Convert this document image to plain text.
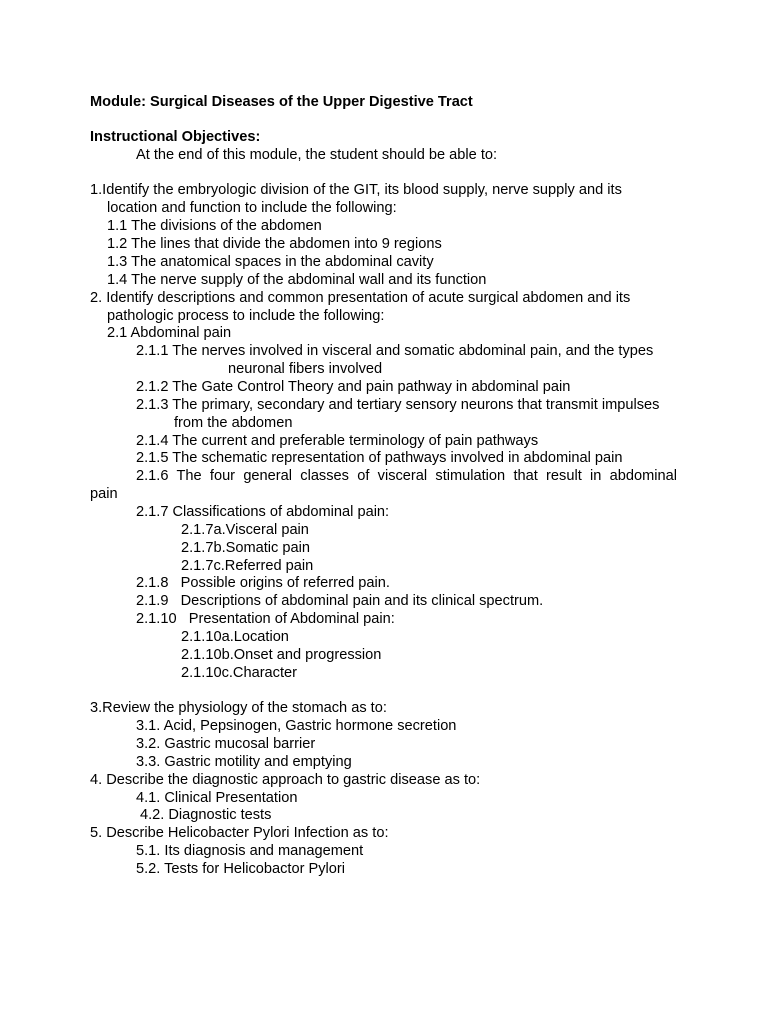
Module: Surgical Diseases of the Upper Digestive Tract
Instructional Objectives:
At the end of this module, the student should be able to:
1.Identify the embryologic division of the GIT, its blood supply, nerve supply and its
location and function to include the following:
1.1 The divisions of the abdomen
1.2 The lines that divide the abdomen into 9 regions
1.3 The anatomical spaces in the abdominal cavity
1.4 The nerve supply of the abdominal wall and its function
2. Identify descriptions and common presentation of acute surgical abdomen and its
pathologic process to include the following:
2.1 Abdominal pain
2.1.1 The nerves involved in visceral and somatic abdominal pain, and the types
neuronal fibers involved
2.1.2 The Gate Control Theory and pain pathway in abdominal pain
2.1.3 The primary, secondary and tertiary sensory neurons that transmit impulses
from the abdomen
2.1.4 The current and preferable terminology of pain pathways
2.1.5 The schematic representation of pathways involved in abdominal pain
2.1.6 The four general classes of visceral stimulation that result in abdominal
pain
2.1.7 Classifications of abdominal pain:
2.1.7a.Visceral pain
2.1.7b.Somatic pain
2.1.7c.Referred pain
2.1.8   Possible origins of referred pain.
2.1.9   Descriptions of abdominal pain and its clinical spectrum.
2.1.10   Presentation of Abdominal pain:
2.1.10a.Location
2.1.10b.Onset and progression
2.1.10c.Character
3.Review the physiology of the stomach as to:
3.1. Acid, Pepsinogen, Gastric hormone secretion
3.2. Gastric mucosal barrier
3.3. Gastric motility and emptying
4. Describe the diagnostic approach to gastric disease as to:
4.1. Clinical Presentation
4.2. Diagnostic tests
5. Describe Helicobacter Pylori Infection as to:
5.1. Its diagnosis and management
5.2. Tests for Helicobactor Pylori
